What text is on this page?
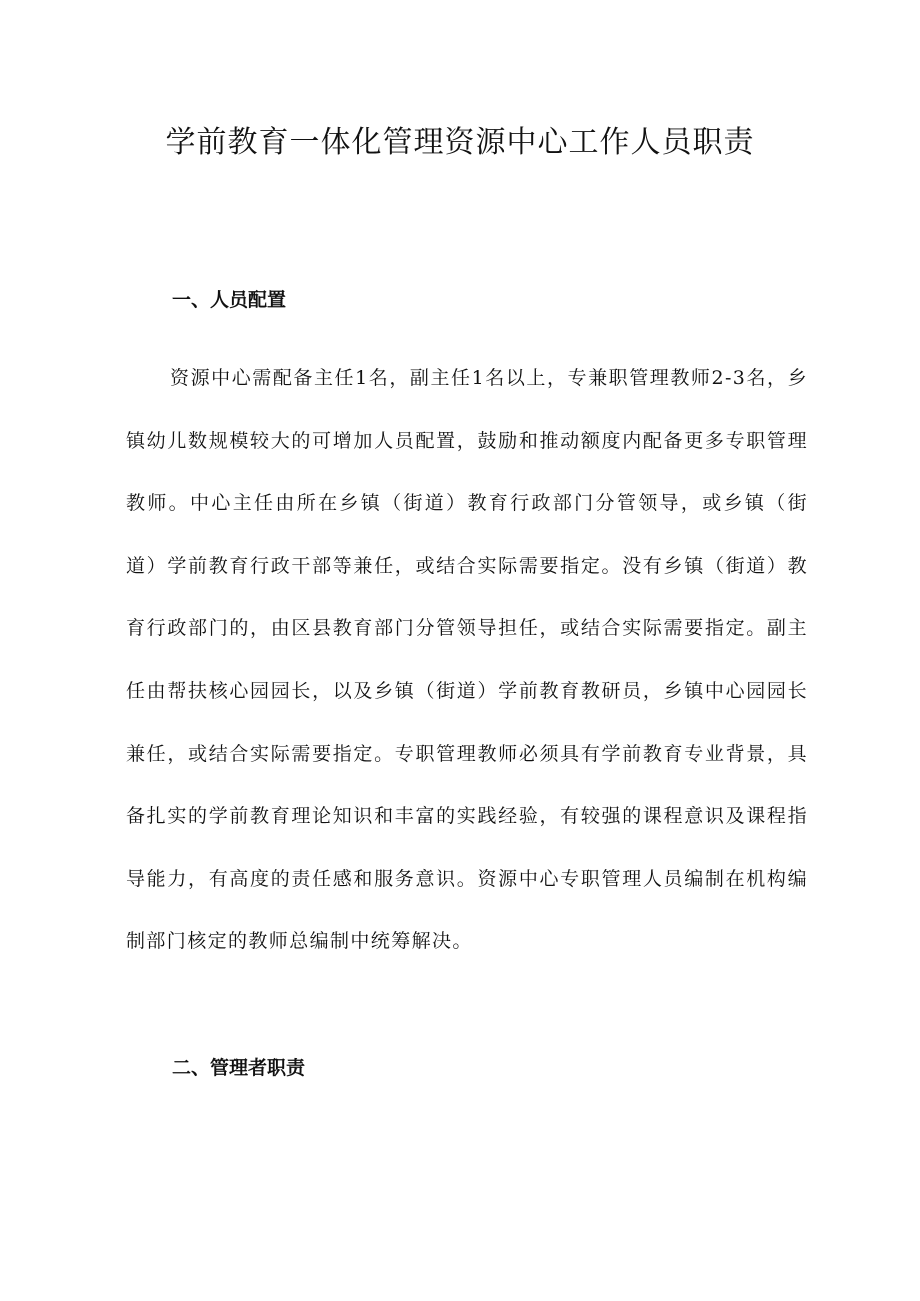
学前教育一体化管理资源中心工作人员职责
一、人员配置

资源中心需配备主任1名，副主任1名以上，专兼职管理教师2-3名，乡镇幼儿数规模较大的可增加人员配置，鼓励和推动额度内配备更多专职管理教师。中心主任由所在乡镇（街道）教育行政部门分管领导，或乡镇（街道）学前教育行政干部等兼任，或结合实际需要指定。没有乡镇（街道）教育行政部门的，由区县教育部门分管领导担任，或结合实际需要指定。副主任由帮扶核心园园长，以及乡镇（街道）学前教育教研员，乡镇中心园园长兼任，或结合实际需要指定。专职管理教师必须具有学前教育专业背景，具备扎实的学前教育理论知识和丰富的实践经验，有较强的课程意识及课程指导能力，有高度的责任感和服务意识。资源中心专职管理人员编制在机构编制部门核定的教师总编制中统筹解决。

二、管理者职责
